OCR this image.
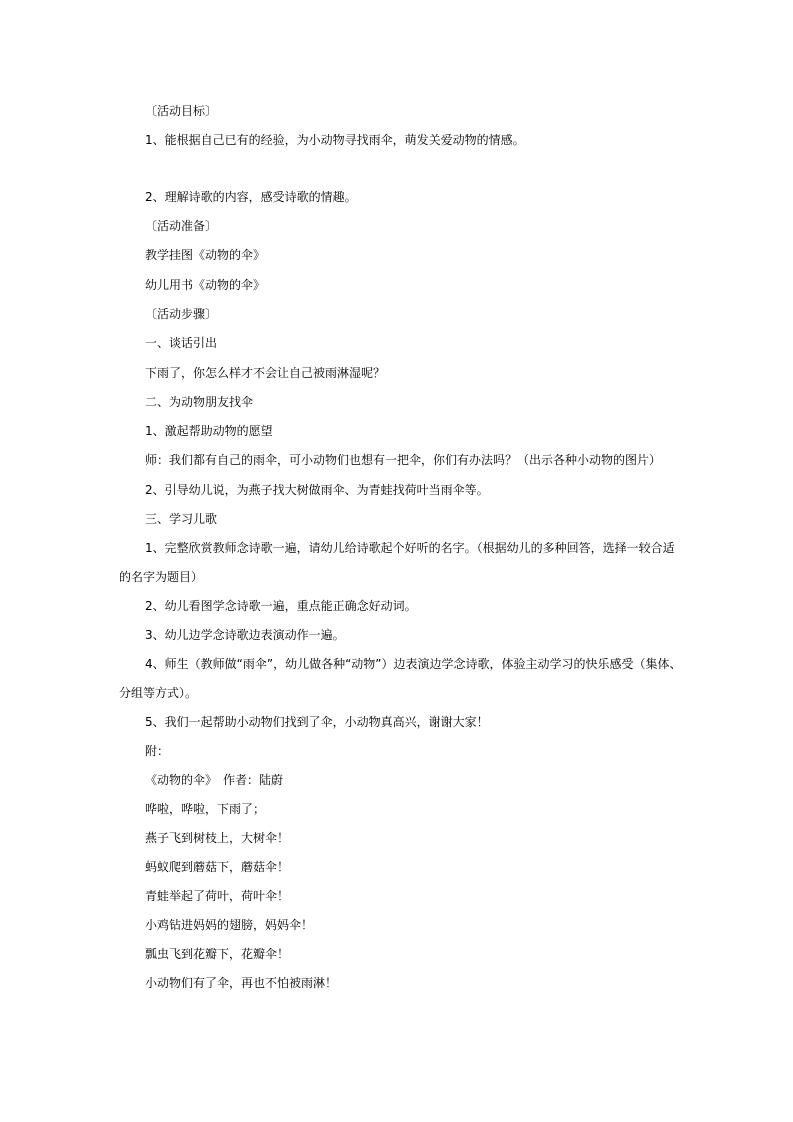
〔活动目标〕
1、能根据自己已有的经验，为小动物寻找雨伞，萌发关爱动物的情感。
2、理解诗歌的内容，感受诗歌的情趣。
〔活动准备〕
教学挂图《动物的伞》
幼儿用书《动物的伞》
〔活动步骤〕
一、谈话引出
下雨了，你怎么样才不会让自己被雨淋湿呢？
二、为动物朋友找伞
1、激起帮助动物的愿望
师：我们都有自己的雨伞，可小动物们也想有一把伞，你们有办法吗？（出示各种小动物的图片）
2、引导幼儿说，为燕子找大树做雨伞、为青蛙找荷叶当雨伞等。
三、学习儿歌
1、完整欣赏教师念诗歌一遍，请幼儿给诗歌起个好听的名字。（根据幼儿的多种回答，选择一较合适
的名字为题目）
2、幼儿看图学念诗歌一遍，重点能正确念好动词。
3、幼儿边学念诗歌边表演动作一遍。
4、师生（教师做“雨伞”，幼儿做各种“动物”）边表演边学念诗歌，体验主动学习的快乐感受（集体、
分组等方式）。
5、我们一起帮助小动物们找到了伞，小动物真高兴，谢谢大家！
附：
《动物的伞》　作者：陆蔚
哗啦，哗啦，下雨了；
燕子飞到树枝上，大树伞！
蚂蚁爬到蘑菇下，蘑菇伞！
青蛙举起了荷叶，荷叶伞！
小鸡钻进妈妈的翅膀，妈妈伞！
瓢虫飞到花瓣下，花瓣伞！
小动物们有了伞，再也不怕被雨淋！
